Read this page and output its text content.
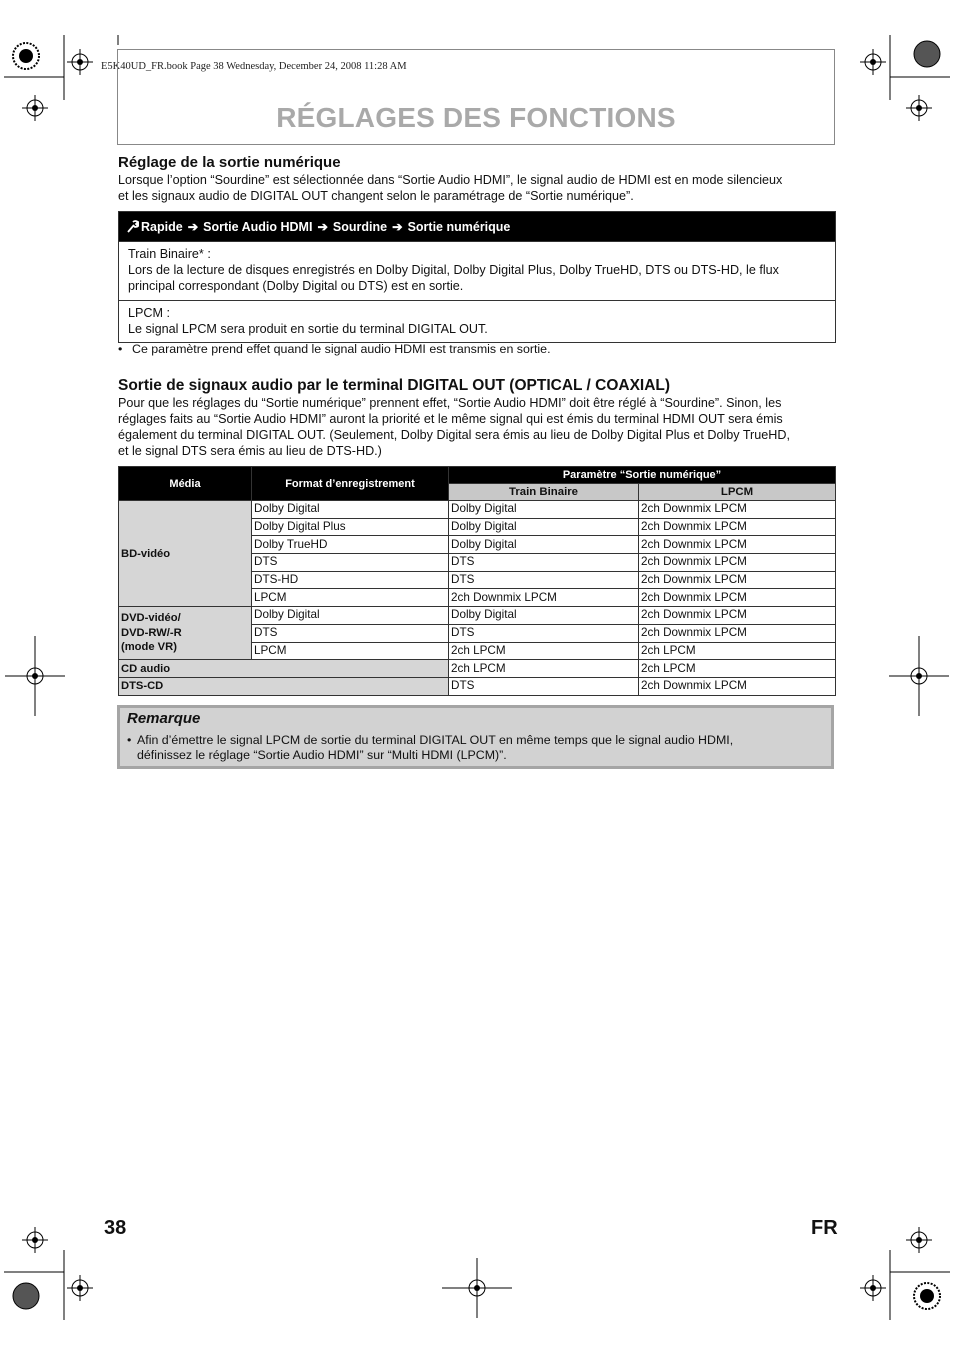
E5K40UD_FR.book Page 38 Wednesday, December 24, 2008 11:28 AM
RÉGLAGES DES FONCTIONS
Réglage de la sortie numérique
Lorsque l’option “Sourdine” est sélectionnée dans “Sortie Audio HDMI”, le signal audio de HDMI est en mode silencieux
et les signaux audio de DIGITAL OUT changent selon le paramétrage de “Sortie numérique”.
Rapide ➔ Sortie Audio HDMI ➔ Sourdine ➔ Sortie numérique
Train Binaire* :
Lors de la lecture de disques enregistrés en Dolby Digital, Dolby Digital Plus, Dolby TrueHD, DTS ou DTS-HD, le flux
principal correspondant (Dolby Digital ou DTS) est en sortie.
LPCM :
Le signal LPCM sera produit en sortie du terminal DIGITAL OUT.
• Ce paramètre prend effet quand le signal audio HDMI est transmis en sortie.
Sortie de signaux audio par le terminal DIGITAL OUT (OPTICAL / COAXIAL)
Pour que les réglages du “Sortie numérique” prennent effet, “Sortie Audio HDMI” doit être réglé à “Sourdine”. Sinon, les
réglages faits au “Sortie Audio HDMI” auront la priorité et le même signal qui est émis du terminal HDMI OUT sera émis
également du terminal DIGITAL OUT. (Seulement, Dolby Digital sera émis au lieu de Dolby Digital Plus et Dolby TrueHD,
et le signal DTS sera émis au lieu de DTS-HD.)
Média	Format d’enregistrement	Paramètre “Sortie numérique”	
		Train Binaire	LPCM
BD-vidéo	Dolby Digital	Dolby Digital	2ch Downmix LPCM
	Dolby Digital Plus	Dolby Digital	2ch Downmix LPCM
	Dolby TrueHD	Dolby Digital	2ch Downmix LPCM
	DTS	DTS	2ch Downmix LPCM
	DTS-HD	DTS	2ch Downmix LPCM
	LPCM	2ch Downmix LPCM	2ch Downmix LPCM

DVD-vidéo/
DVD-RW/-R
(mode VR)	Dolby Digital	Dolby Digital	2ch Downmix LPCM
	DTS	DTS	2ch Downmix LPCM
	LPCM	2ch LPCM	2ch LPCM
CD audio		2ch LPCM	2ch LPCM
DTS-CD		DTS	2ch Downmix LPCM
Remarque
• Afin d’émettre le signal LPCM de sortie du terminal DIGITAL OUT en même temps que le signal audio HDMI,
définissez le réglage “Sortie Audio HDMI” sur “Multi HDMI (LPCM)”.
38	FR
